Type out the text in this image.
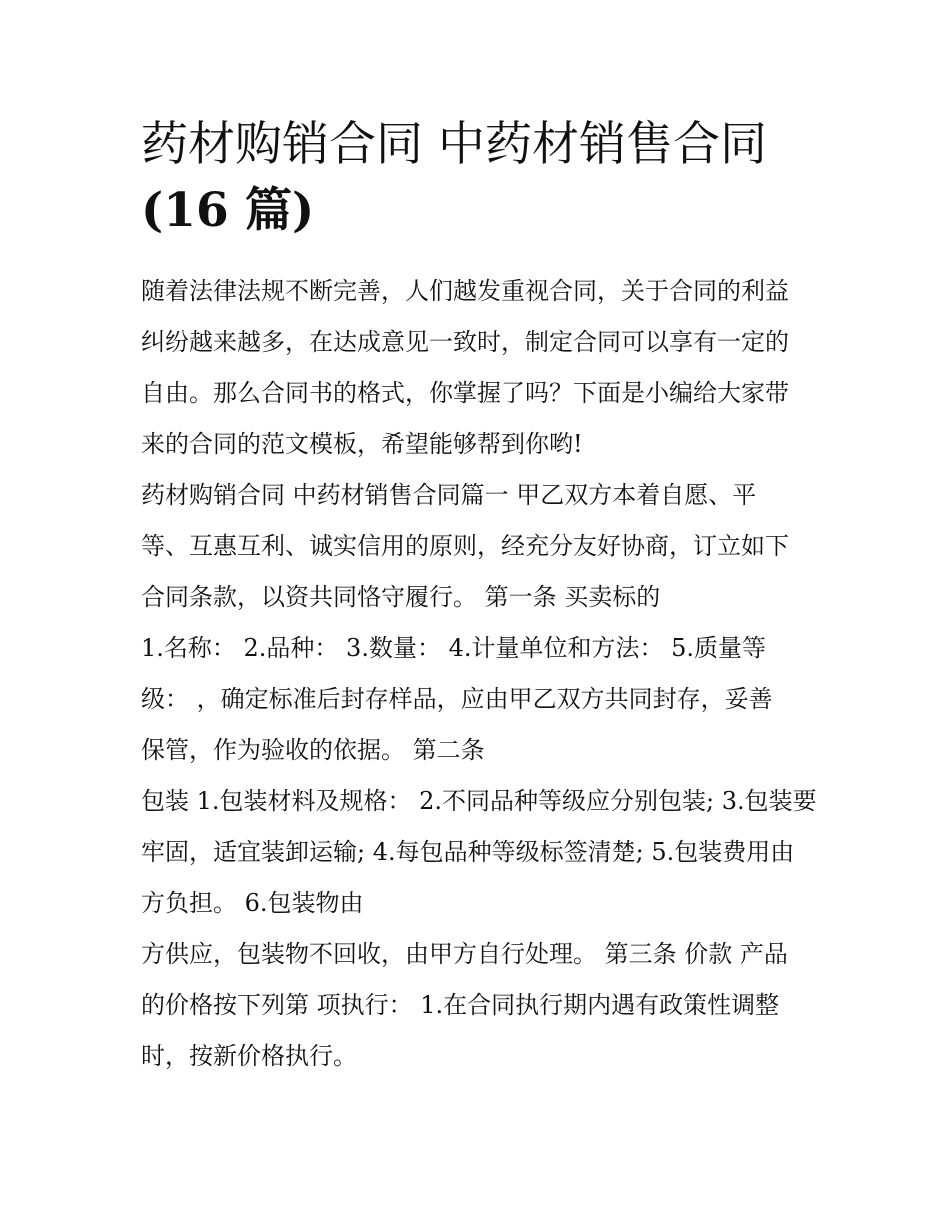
药材购销合同 中药材销售合同
(16 篇)
随着法律法规不断完善，人们越发重视合同，关于合同的利益
纠纷越来越多，在达成意见一致时，制定合同可以享有一定的
自由。那么合同书的格式，你掌握了吗？下面是小编给大家带
来的合同的范文模板，希望能够帮到你哟!
药材购销合同 中药材销售合同篇一 甲乙双方本着自愿、平
等、互惠互利、诚实信用的原则，经充分友好协商，订立如下
合同条款，以资共同恪守履行。 第一条 买卖标的
1.名称： 2.品种： 3.数量： 4.计量单位和方法： 5.质量等
级： ，确定标准后封存样品，应由甲乙双方共同封存，妥善
保管，作为验收的依据。 第二条
包装 1.包装材料及规格： 2.不同品种等级应分别包装; 3.包装要
牢固，适宜装卸运输; 4.每包品种等级标签清楚; 5.包装费用由
方负担。 6.包装物由
方供应，包装物不回收，由甲方自行处理。 第三条 价款 产品
的价格按下列第 项执行： 1.在合同执行期内遇有政策性调整
时，按新价格执行。
